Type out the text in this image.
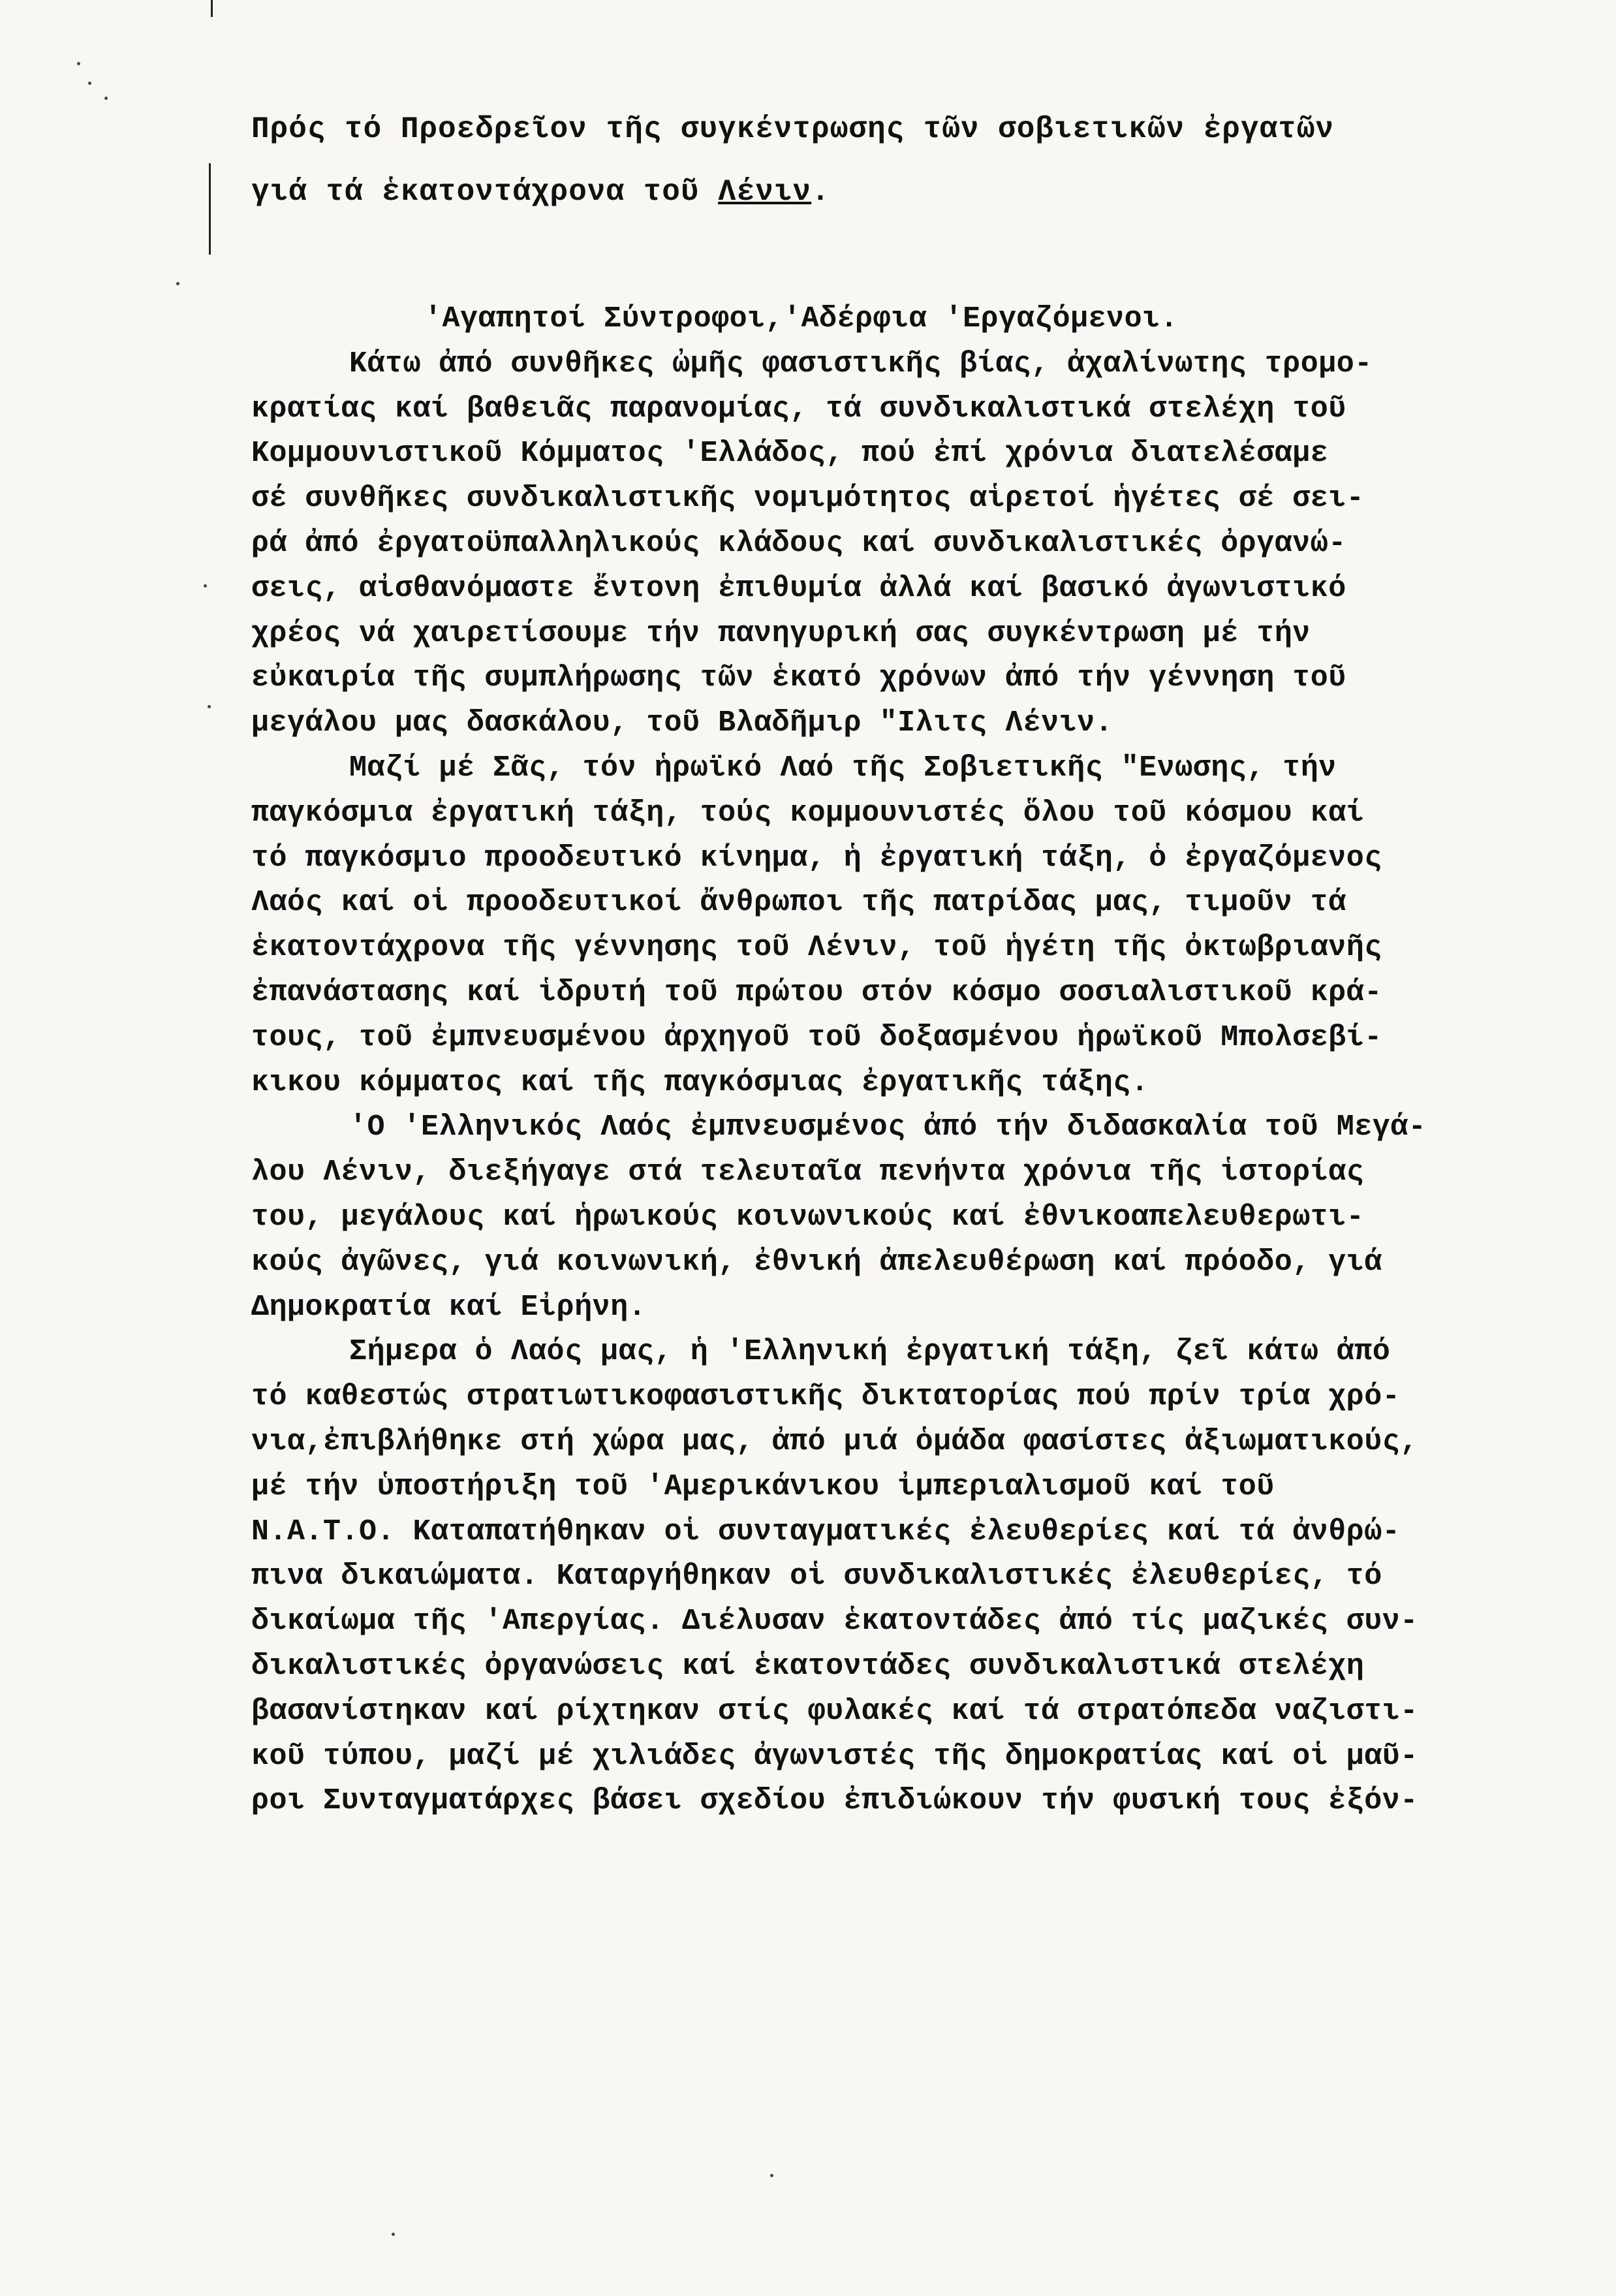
Πρός τό Προεδρεῖον τῆς συγκέντρωσης τῶν σοβιετικῶν ἐργατῶν
γιά τά ἑκατοντάχρονα τοῦ Λένιν.
'Αγαπητοί Σύντροφοι,'Αδέρφια 'Εργαζόμενοι.
Κάτω ἀπό συνθῆκες ὠμῆς φασιστικῆς βίας, ἀχαλίνωτης τρομο-
κρατίας καί βαθειᾶς παρανομίας, τά συνδικαλιστικά στελέχη τοῦ
Κομμουνιστικοῦ Κόμματος 'Ελλάδος, πού ἐπί χρόνια διατελέσαμε
σέ συνθῆκες συνδικαλιστικῆς νομιμότητος αἱρετοί ἡγέτες σέ σει-
ρά ἀπό ἐργατοϋπαλληλικούς κλάδους καί συνδικαλιστικές ὀργανώ-
σεις, αἰσθανόμαστε ἔντονη ἐπιθυμία ἀλλά καί βασικό ἀγωνιστικό
χρέος νά χαιρετίσουμε τήν πανηγυρική σας συγκέντρωση μέ τήν
εὐκαιρία τῆς συμπλήρωσης τῶν ἑκατό χρόνων ἀπό τήν γέννηση τοῦ
μεγάλου μας δασκάλου, τοῦ Βλαδῆμιρ "Ιλιτς Λένιν.
Μαζί μέ Σᾶς, τόν ἡρωϊκό Λαό τῆς Σοβιετικῆς "Ενωσης, τήν
παγκόσμια ἐργατική τάξη, τούς κομμουνιστές ὅλου τοῦ κόσμου καί
τό παγκόσμιο προοδευτικό κίνημα, ἡ ἐργατική τάξη, ὁ ἐργαζόμενος
Λαός καί οἱ προοδευτικοί ἄνθρωποι τῆς πατρίδας μας, τιμοῦν τά
ἑκατοντάχρονα τῆς γέννησης τοῦ Λένιν, τοῦ ἡγέτη τῆς ὀκτωβριανῆς
ἐπανάστασης καί ἱδρυτή τοῦ πρώτου στόν κόσμο σοσιαλιστικοῦ κρά-
τους, τοῦ ἐμπνευσμένου ἀρχηγοῦ τοῦ δοξασμένου ἡρωϊκοῦ Μπολσεβί-
κικου κόμματος καί τῆς παγκόσμιας ἐργατικῆς τάξης.
'Ο 'Ελληνικός Λαός ἐμπνευσμένος ἀπό τήν διδασκαλία τοῦ Μεγά-
λου Λένιν, διεξήγαγε στά τελευταῖα πενήντα χρόνια τῆς ἱστορίας
του, μεγάλους καί ἡρωικούς κοινωνικούς καί ἐθνικοαπελευθερωτι-
κούς ἀγῶνες, γιά κοινωνική, ἐθνική ἀπελευθέρωση καί πρόοδο, γιά
Δημοκρατία καί Εἰρήνη.
Σήμερα ὁ Λαός μας, ἡ 'Ελληνική ἐργατική τάξη, ζεῖ κάτω ἀπό
τό καθεστώς στρατιωτικοφασιστικῆς δικτατορίας πού πρίν τρία χρό-
νια,ἐπιβλήθηκε στή χώρα μας, ἀπό μιά ὁμάδα φασίστες ἀξιωματικούς,
μέ τήν ὑποστήριξη τοῦ 'Αμερικάνικου ἰμπεριαλισμοῦ καί τοῦ
Ν.Α.Τ.Ο. Καταπατήθηκαν οἱ συνταγματικές ἐλευθερίες καί τά ἀνθρώ-
πινα δικαιώματα. Καταργήθηκαν οἱ συνδικαλιστικές ἐλευθερίες, τό
δικαίωμα τῆς 'Απεργίας. Διέλυσαν ἑκατοντάδες ἀπό τίς μαζικές συν-
δικαλιστικές ὀργανώσεις καί ἑκατοντάδες συνδικαλιστικά στελέχη
βασανίστηκαν καί ρίχτηκαν στίς φυλακές καί τά στρατόπεδα ναζιστι-
κοῦ τύπου, μαζί μέ χιλιάδες ἀγωνιστές τῆς δημοκρατίας καί οἱ μαῦ-
ροι Συνταγματάρχες βάσει σχεδίου ἐπιδιώκουν τήν φυσική τους ἐξόν-
